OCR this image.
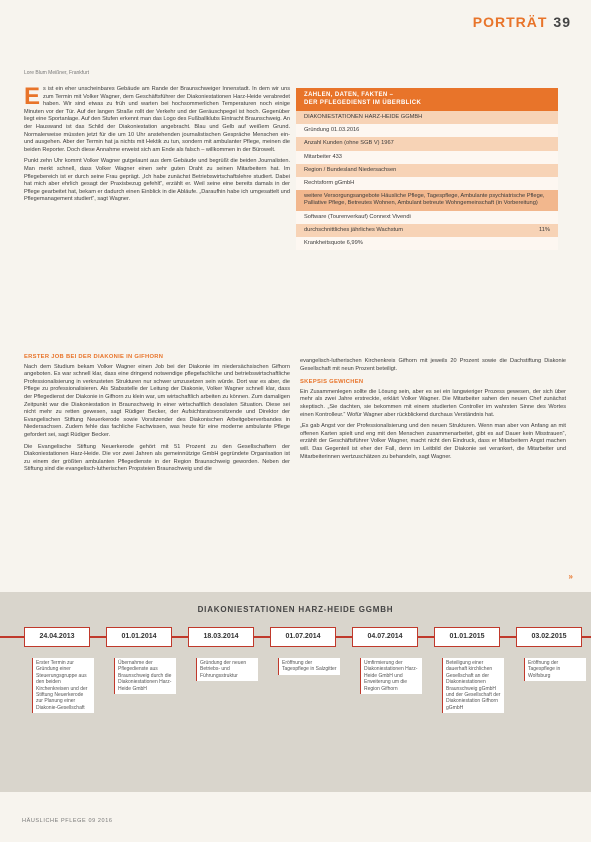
PORTRÄT 39
Lore Blum Meißner, Frankfurt

Es ist ein eher unscheinbares Gebäude am Rande der Braunschweiger Innenstadt. In dem wir uns zum Termin mit Volker Wagner, dem Geschäftsführer der Diakoniestationen Harz-Heide verabredet haben. Wir sind etwas zu früh und warten bei hochsommerlichen Temperaturen noch einige Minuten vor der Tür. Auf der langen Straße rollt der Verkehr und der Geräuschpegel ist hoch. Gegenüber liegt eine Sportanlage. Auf den Stufen erkennt man das Logo des Fußballklubs Eintracht Braunschweig. An der Hauswand ist das Schild der Diakoniestation angebracht. Blau und Gelb auf weißem Grund. Normalerweise müssten jetzt für die um 10 Uhr anstehenden journalistischen Gespräche Menschen ein- und ausgehen. Aber der Termin hat ja nichts mit Hektik zu tun, sondern mit ambulanter Pflege, meinen die beiden Reporter. Doch diese Annahme erweist sich am Ende als falsch – willkommen in der Bürowelt.

Punkt zehn Uhr kommt Volker Wagner gutgelaunt aus dem Gebäude und begrüßt die beiden Journalisten. Man merkt schnell, dass Volker Wagner einen sehr guten Draht zu seinen Mitarbeitern hat. Im Pflegebereich ist er durch seine Frau geprägt. „Ich habe zunächst Betriebswirtschaftslehre studiert. Dabei hat mich aber ehrlich gesagt der Praxisbezug gefehlt“, erzählt er. Weil seine eine bereits damals in der Pflege gearbeitet hat, bekam er dadurch einen Einblick in die Abläufe. „Daraufhin habe ich umgesattelt und Pflegemanagement studiert“, sagt Wagner.

ERSTER JOB BEI DER DIAKONIE IN GIFHORN

Nach dem Studium bekam Volker Wagner einen Job bei der Diakonie im niedersächsischen Gifhorn angeboten. Es war schnell klar, dass eine dringend notwendige pflegefachliche und betriebswirtschaftliche Professionalisierung in verkrusteten Strukturen nur schwer umzusetzen sein würde. Dort war es aber, die Pflege zu professionalisieren. Als Stabsstelle der Leitung der Diakonie, Volker Wagner schnell klar, dass der Pflegedienst der Diakonie in Gifhorn zu klein war, um wirtschaftlich arbeiten zu können. Zum damaligen Zeitpunkt war die Diakoniestation in Braunschweig in einer wirtschaftlich desolaten Situation. Diese sei nicht mehr zu retten gewesen, sagt Rüdiger Becker, der Aufsichtsratsvorsitzende und Direktor der Evangelischen Stiftung Neuerkerode sowie Vorsitzender des Diakonischen Arbeitgeberverbandes in Niedersachsen. Zudem fehle das fachliche Fachwissen, was heute für eine moderne ambulante Pflege gefordert sei, sagt Rüdiger Becker.

Die Evangelische Stiftung Neuerkerode gehört mit 51 Prozent zu den Gesellschaftern der Diakoniestationen Harz-Heide. Die vor zwei Jahren als gemeinnützige GmbH gegründete Organisation ist zu einem der größten ambulanten Pflegedienste in der Region Braunschweig geworden. Neben der Stiftung sind die evangelisch-lutherischen Propsteien Braunschweig und die

evangelisch-lutherischen Kirchenkreis Gifhorn mit jeweils 20 Prozent sowie die Dachstiftung Diakonie Gesellschaft mit neun Prozent beteiligt.

SKEPSIS GEWICHEN

Ein Zusammenlegen sollte die Lösung sein, aber es sei ein langwieriger Prozess gewesen, der sich über mehr als zwei Jahre erstreckte, erklärt Volker Wagner. Die Mitarbeiter sahen den neuen Chef zunächst skeptisch. „Sie dachten, sie bekommen mit einem studierten Controller im wahrsten Sinne des Wortes einen Kontrolleur.“ Wofür Wagner aber rückblickend durchaus Verständnis hat.

„Es gab Angst vor der Professionalisierung und den neuen Strukturen. Wenn man aber von Anfang an mit offenen Karten spielt und eng mit den Menschen zusammenarbeitet, gibt es auf Dauer kein Misstrauen“, erzählt der Geschäftsführer Volker Wagner, macht nicht den Eindruck, dass er Mitarbeitern Angst machen will. Das Gegenteil ist eher der Fall, denn im Leitbild der Diakonie sei verankert, die Mitarbeiter und Mitarbeiterinnen wertzuschätzen zu behandeln, sagt Wagner.

ZAHLEN, DATEN, FAKTEN –
DER PFLEGEDIENST IM ÜBERBLICK
DIAKONIESTATIONEN HARZ-HEIDE GGMBH
Gründung 01.03.2016
Anzahl Kunden (ohne SGB V) 1967
Mitarbeiter 433
Region / Bundesland Niedersachsen
Rechtsform gGmbH
weitere Versorgungsangebote Häusliche Pflege, Tagespflege, Ambulante psychiatrische Pflege, Palliative Pflege, Betreutes Wohnen, Ambulant betreute Wohngemeinschaft (in Vorbereitung)
Software (Tourenverkauf) Connext Vivendi
durchschnittliches jährliches Wachstum	11%
Krankheitsquote 6,99%
»
DIAKONIESTATIONEN HARZ-HEIDE GGMBH
24.04.2013
Erster Termin zur Gründung einer Steuerungsgruppe aus den beiden Kirchenkreisen und der Stiftung Neuerkerode zur Planung einer Diakonie-Gesellschaft
01.01.2014
Übernahme der Pflegedienste aus Braunschweig durch die Diakoniestationen Harz-Heide GmbH
18.03.2014
Gründung der neuen Betriebs- und Führungsstruktur
01.07.2014
Eröffnung der Tagespflege in Salzgitter
04.07.2014
Umfirmierung der Diakoniestationen Harz-Heide GmbH und Erweiterung um die Region Gifhorn
01.01.2015
Beteiligung einer dauerhaft kirchlichen Gesellschaft an der Diakoniestationen Braunschweig gGmbH und der Gesellschaft der Diakoniestation Gifhorn gGmbH
03.02.2015
Eröffnung der Tagespflege in Wolfsburg
HÄUSLICHE PFLEGE 09 2016
